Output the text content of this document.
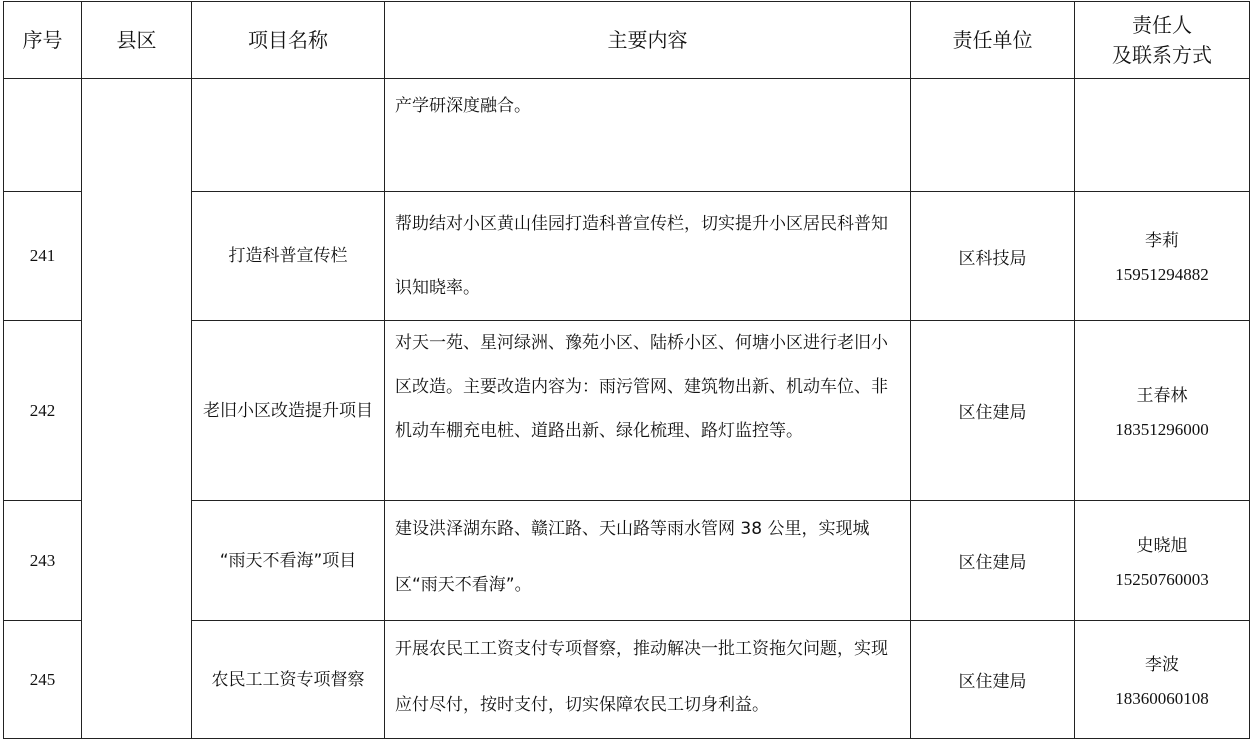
序号	县区	项目名称	主要内容	责任单位	责任人
及联系方式

			产学研深度融合。		

241		打造科普宣传栏	帮助结对小区黄山佳园打造科普宣传栏，切实提升小区居民科普知识知晓率。	区科技局	李莉
15951294882

242		老旧小区改造提升项目	对天一苑、星河绿洲、豫苑小区、陆桥小区、何塘小区进行老旧小区改造。主要改造内容为：雨污管网、建筑物出新、机动车位、非机动车棚充电桩、道路出新、绿化梳理、路灯监控等。	区住建局	王春林
18351296000

243		“雨天不看海”项目	建设洪泽湖东路、赣江路、天山路等雨水管网 38 公里，实现城区“雨天不看海”。	区住建局	史晓旭
15250760003

245		农民工工资专项督察	开展农民工工资支付专项督察，推动解决一批工资拖欠问题，实现应付尽付，按时支付，切实保障农民工切身利益。	区住建局	李波
18360060108
